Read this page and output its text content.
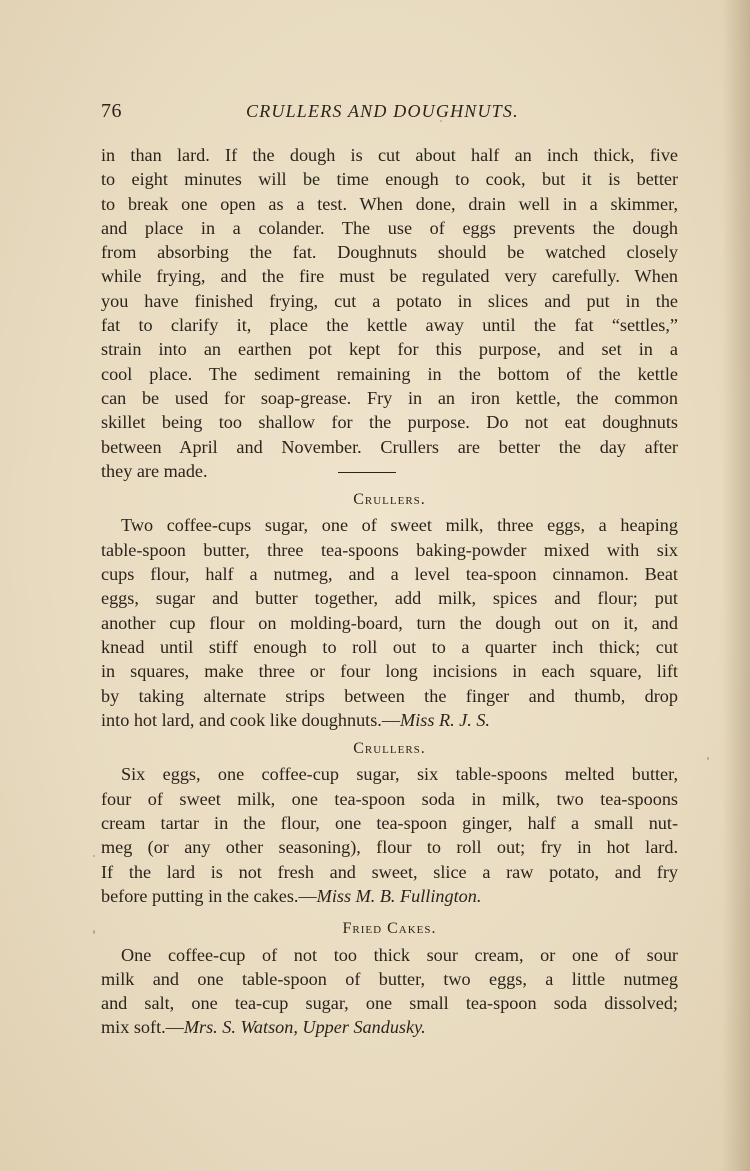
76	CRULLERS AND DOUGHNUTS.
in than lard. If the dough is cut about half an inch thick, five
to eight minutes will be time enough to cook, but it is better
to break one open as a test. When done, drain well in a skimmer,
and place in a colander. The use of eggs prevents the dough
from absorbing the fat. Doughnuts should be watched closely
while frying, and the fire must be regulated very carefully. When
you have finished frying, cut a potato in slices and put in the
fat to clarify it, place the kettle away until the fat “settles,”
strain into an earthen pot kept for this purpose, and set in a
cool place. The sediment remaining in the bottom of the kettle
can be used for soap-grease. Fry in an iron kettle, the common
skillet being too shallow for the purpose. Do not eat doughnuts
between April and November. Crullers are better the day after
they are made.
Crullers.
Two coffee-cups sugar, one of sweet milk, three eggs, a heaping
table-spoon butter, three tea-spoons baking-powder mixed with six
cups flour, half a nutmeg, and a level tea-spoon cinnamon. Beat
eggs, sugar and butter together, add milk, spices and flour; put
another cup flour on molding-board, turn the dough out on it, and
knead until stiff enough to roll out to a quarter inch thick; cut
in squares, make three or four long incisions in each square, lift
by taking alternate strips between the finger and thumb, drop
into hot lard, and cook like doughnuts.—Miss R. J. S.
Crullers.
Six eggs, one coffee-cup sugar, six table-spoons melted butter,
four of sweet milk, one tea-spoon soda in milk, two tea-spoons
cream tartar in the flour, one tea-spoon ginger, half a small nut-
meg (or any other seasoning), flour to roll out; fry in hot lard.
If the lard is not fresh and sweet, slice a raw potato, and fry
before putting in the cakes.—Miss M. B. Fullington.
Fried Cakes.
One coffee-cup of not too thick sour cream, or one of sour
milk and one table-spoon of butter, two eggs, a little nutmeg
and salt, one tea-cup sugar, one small tea-spoon soda dissolved;
mix soft.—Mrs. S. Watson, Upper Sandusky.
